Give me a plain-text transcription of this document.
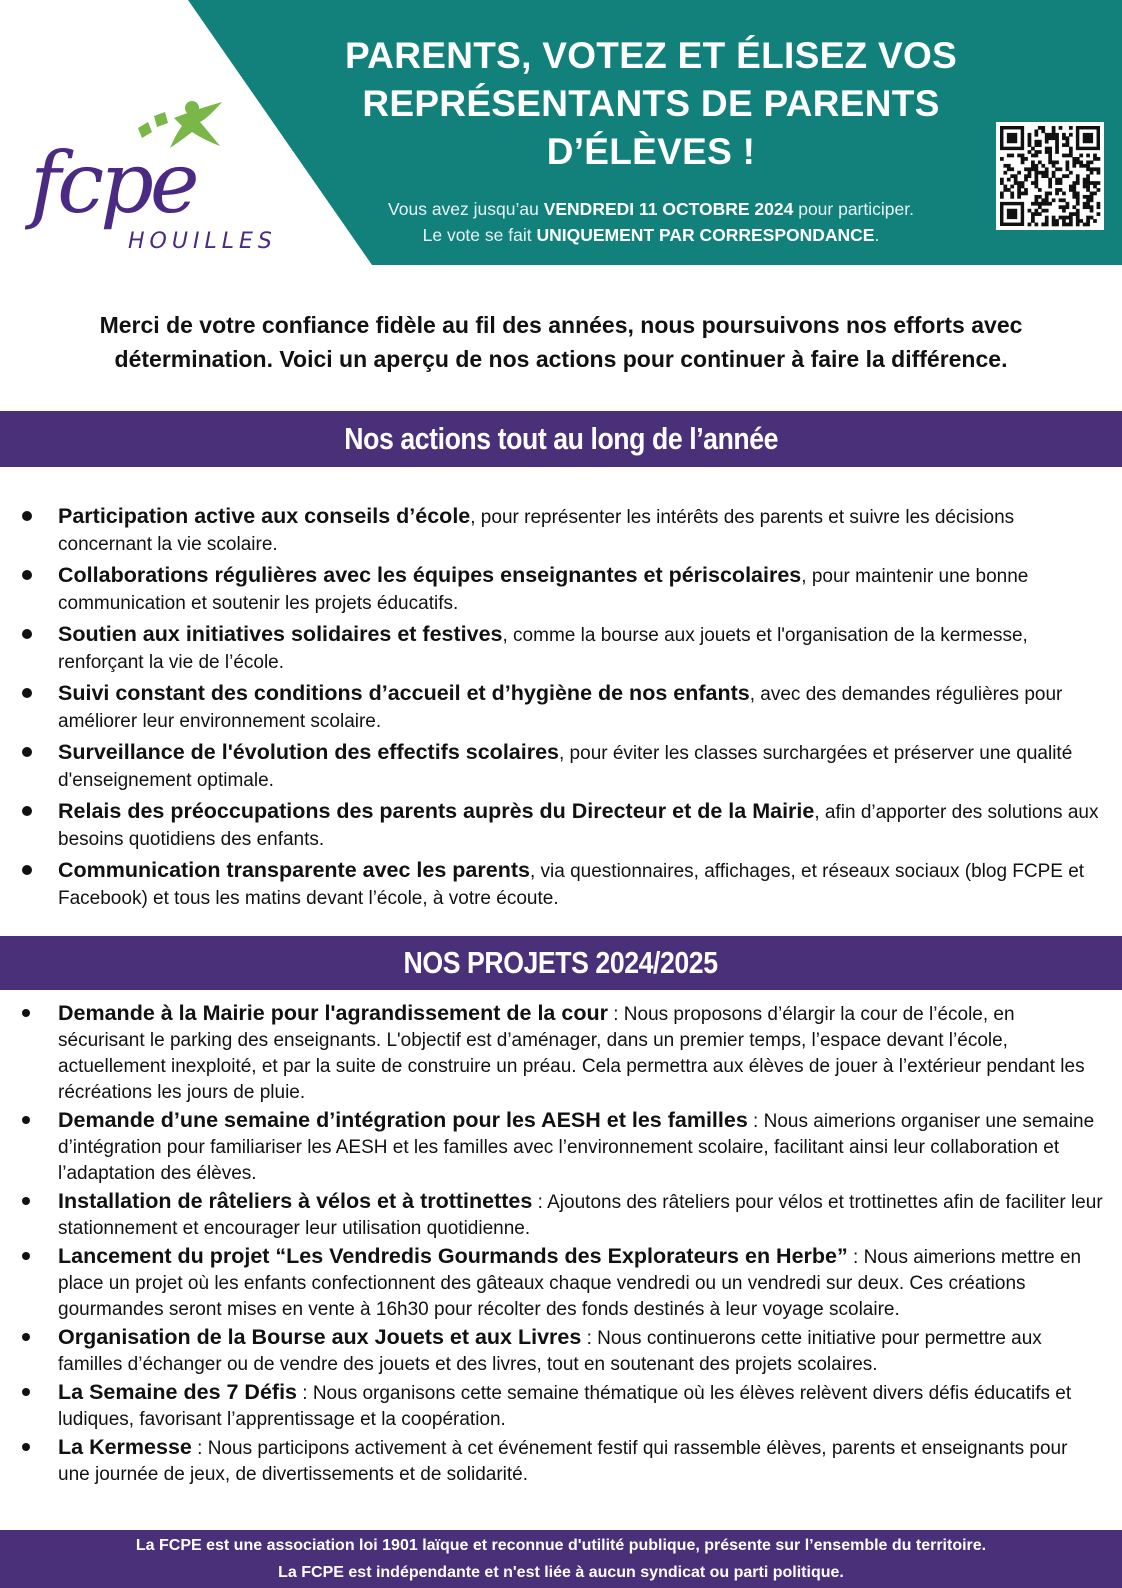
fcpe
HOUILLES
PARENTS, VOTEZ ET ÉLISEZ VOS
REPRÉSENTANTS DE PARENTS
D’ÉLÈVES !
Vous avez jusqu’au VENDREDI 11 OCTOBRE 2024 pour participer.
Le vote se fait UNIQUEMENT PAR CORRESPONDANCE.
Merci de votre confiance fidèle au fil des années, nous poursuivons nos efforts avec
détermination. Voici un aperçu de nos actions pour continuer à faire la différence.
Nos actions tout au long de l’année
Participation active aux conseils d’école, pour représenter les intérêts des parents et suivre les décisions concernant la vie scolaire.
Collaborations régulières avec les équipes enseignantes et périscolaires, pour maintenir une bonne communication et soutenir les projets éducatifs.
Soutien aux initiatives solidaires et festives, comme la bourse aux jouets et l'organisation de la kermesse, renforçant la vie de l’école.
Suivi constant des conditions d’accueil et d’hygiène de nos enfants, avec des demandes régulières pour améliorer leur environnement scolaire.
Surveillance de l'évolution des effectifs scolaires, pour éviter les classes surchargées et préserver une qualité d'enseignement optimale.
Relais des préoccupations des parents auprès du Directeur et de la Mairie, afin d’apporter des solutions aux besoins quotidiens des enfants.
Communication transparente avec les parents, via questionnaires, affichages, et réseaux sociaux (blog FCPE et Facebook) et tous les matins devant l’école, à votre écoute.
NOS PROJETS 2024/2025
Demande à la Mairie pour l'agrandissement de la cour : Nous proposons d’élargir la cour de l’école, en sécurisant le parking des enseignants. L'objectif est d’aménager, dans un premier temps, l’espace devant l’école, actuellement inexploité, et par la suite de construire un préau. Cela permettra aux élèves de jouer à l’extérieur pendant les récréations les jours de pluie.
Demande d’une semaine d’intégration pour les AESH et les familles : Nous aimerions organiser une semaine d’intégration pour familiariser les AESH et les familles avec l’environnement scolaire, facilitant ainsi leur collaboration et l’adaptation des élèves.
Installation de râteliers à vélos et à trottinettes : Ajoutons des râteliers pour vélos et trottinettes afin de faciliter leur stationnement et encourager leur utilisation quotidienne.
Lancement du projet “Les Vendredis Gourmands des Explorateurs en Herbe” : Nous aimerions mettre en place un projet où les enfants confectionnent des gâteaux chaque vendredi ou un vendredi sur deux. Ces créations gourmandes seront mises en vente à 16h30 pour récolter des fonds destinés à leur voyage scolaire.
Organisation de la Bourse aux Jouets et aux Livres : Nous continuerons cette initiative pour permettre aux familles d’échanger ou de vendre des jouets et des livres, tout en soutenant des projets scolaires.
La Semaine des 7 Défis : Nous organisons cette semaine thématique où les élèves relèvent divers défis éducatifs et ludiques, favorisant l’apprentissage et la coopération.
La Kermesse : Nous participons activement à cet événement festif qui rassemble élèves, parents et enseignants pour une journée de jeux, de divertissements et de solidarité.
La FCPE est une association loi 1901 laïque et reconnue d'utilité publique, présente sur l’ensemble du territoire.
La FCPE est indépendante et n'est liée à aucun syndicat ou parti politique.
